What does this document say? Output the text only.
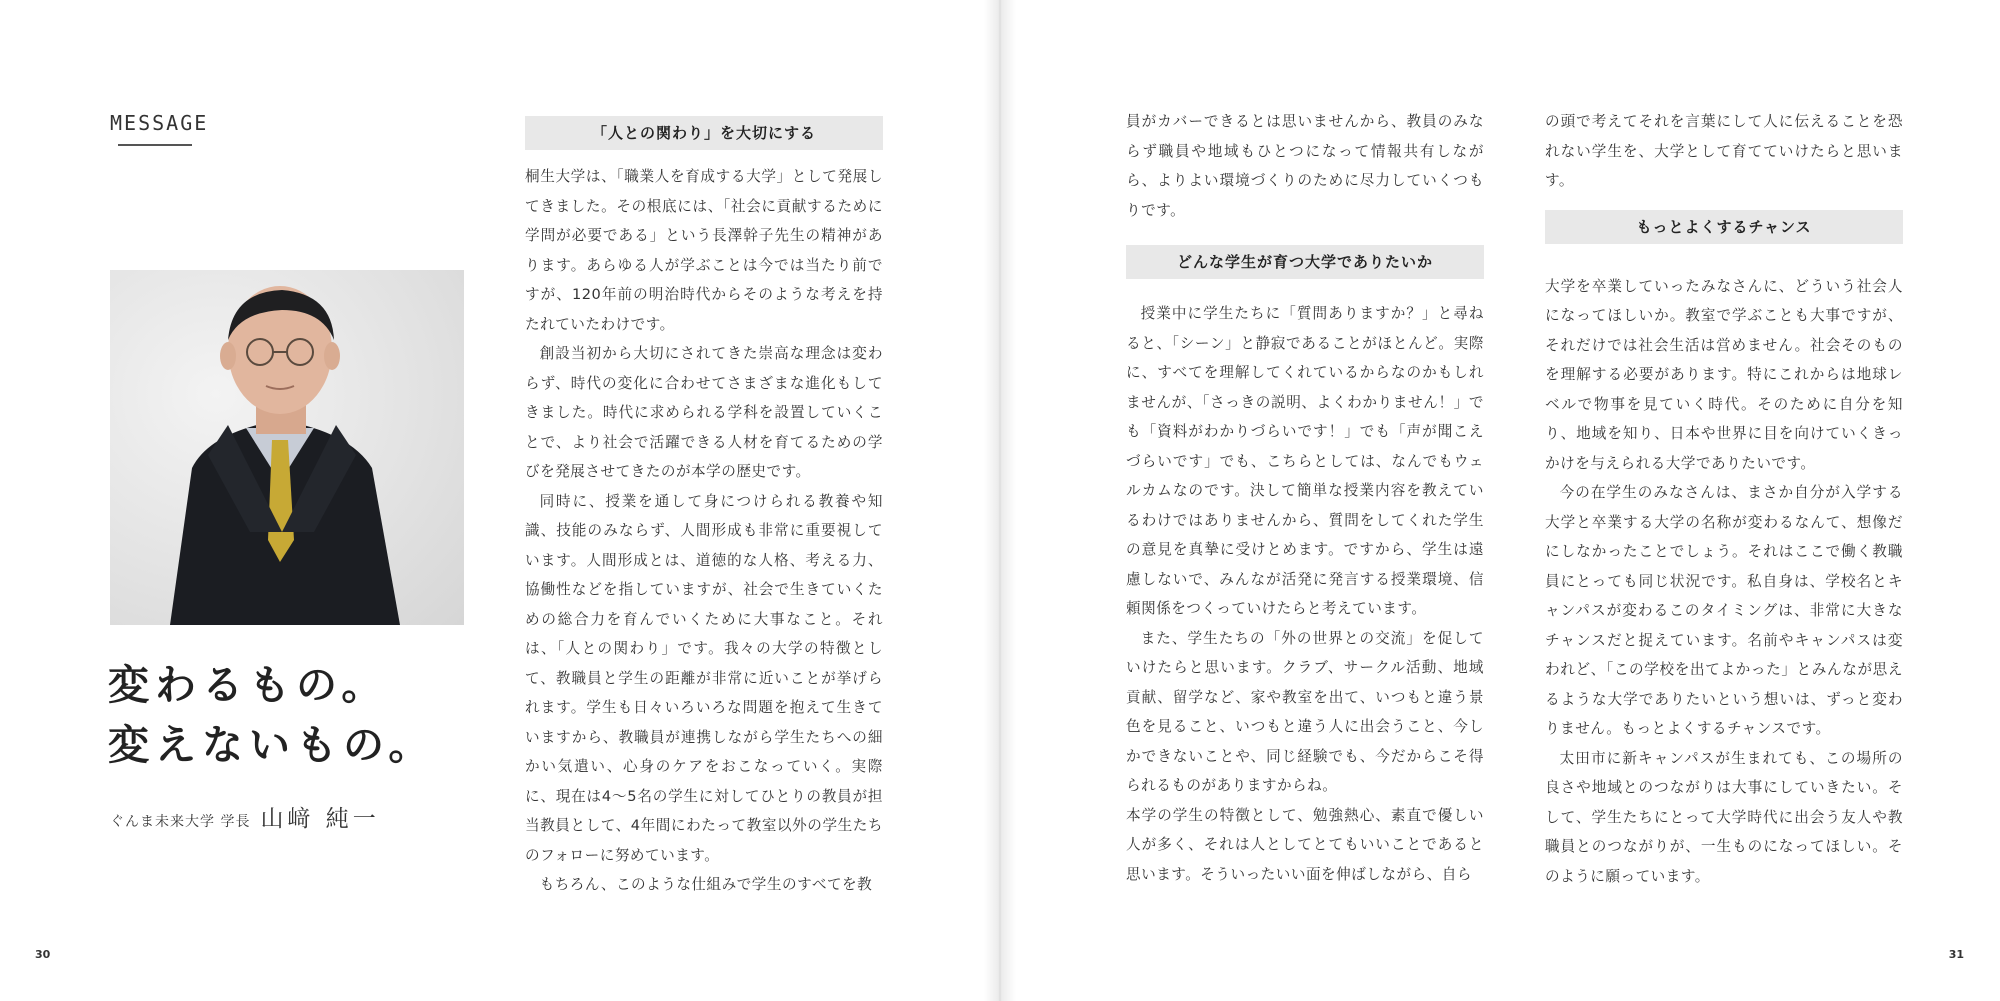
MESSAGE
変わるもの。
変えないもの。
ぐんま未来大学 学長 山﨑 純一
「人との関わり」を大切にする

桐生大学は、「職業人を育成する大学」として発展してきました。その根底には、「社会に貢献するために学問が必要である」という長澤幹子先生の精神があります。あらゆる人が学ぶことは今では当たり前ですが、120年前の明治時代からそのような考えを持たれていたわけです。

創設当初から大切にされてきた崇高な理念は変わらず、時代の変化に合わせてさまざまな進化もしてきました。時代に求められる学科を設置していくことで、より社会で活躍できる人材を育てるための学びを発展させてきたのが本学の歴史です。

同時に、授業を通して身につけられる教養や知識、技能のみならず、人間形成も非常に重要視しています。人間形成とは、道徳的な人格、考える力、協働性などを指していますが、社会で生きていくための総合力を育んでいくために大事なこと。それは、「人との関わり」です。我々の大学の特徴として、教職員と学生の距離が非常に近いことが挙げられます。学生も日々いろいろな問題を抱えて生きていますから、教職員が連携しながら学生たちへの細かい気遣い、心身のケアをおこなっていく。実際に、現在は4〜5名の学生に対してひとりの教員が担当教員として、4年間にわたって教室以外の学生たちのフォローに努めています。

もちろん、このような仕組みで学生のすべてを教

30

員がカバーできるとは思いませんから、教員のみならず職員や地域もひとつになって情報共有しながら、よりよい環境づくりのために尽力していくつもりです。

どんな学生が育つ大学でありたいか

授業中に学生たちに「質問ありますか？」と尋ねると、「シーン」と静寂であることがほとんど。実際に、すべてを理解してくれているからなのかもしれませんが、「さっきの説明、よくわかりません！」でも「資料がわかりづらいです！」でも「声が聞こえづらいです」でも、こちらとしては、なんでもウェルカムなのです。決して簡単な授業内容を教えているわけではありませんから、質問をしてくれた学生の意見を真摯に受けとめます。ですから、学生は遠慮しないで、みんなが活発に発言する授業環境、信頼関係をつくっていけたらと考えています。

また、学生たちの「外の世界との交流」を促していけたらと思います。クラブ、サークル活動、地域貢献、留学など、家や教室を出て、いつもと違う景色を見ること、いつもと違う人に出会うこと、今しかできないことや、同じ経験でも、今だからこそ得られるものがありますからね。

本学の学生の特徴として、勉強熱心、素直で優しい人が多く、それは人としてとてもいいことであると思います。そういったいい面を伸ばしながら、自ら

の頭で考えてそれを言葉にして人に伝えることを恐れない学生を、大学として育てていけたらと思います。

もっとよくするチャンス

大学を卒業していったみなさんに、どういう社会人になってほしいか。教室で学ぶことも大事ですが、それだけでは社会生活は営めません。社会そのものを理解する必要があります。特にこれからは地球レベルで物事を見ていく時代。そのために自分を知り、地域を知り、日本や世界に目を向けていくきっかけを与えられる大学でありたいです。

今の在学生のみなさんは、まさか自分が入学する大学と卒業する大学の名称が変わるなんて、想像だにしなかったことでしょう。それはここで働く教職員にとっても同じ状況です。私自身は、学校名とキャンパスが変わるこのタイミングは、非常に大きなチャンスだと捉えています。名前やキャンパスは変われど、「この学校を出てよかった」とみんなが思えるような大学でありたいという想いは、ずっと変わりません。もっとよくするチャンスです。

太田市に新キャンパスが生まれても、この場所の良さや地域とのつながりは大事にしていきたい。そして、学生たちにとって大学時代に出会う友人や教職員とのつながりが、一生ものになってほしい。そのように願っています。

31
